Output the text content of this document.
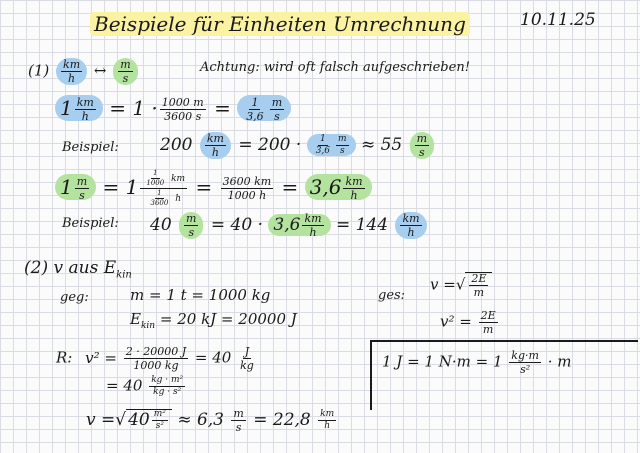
Beispiele für Einheiten Umrechnung	10.11.25
$(1) \frac{km}{h}$ ↔ $\frac{m}{s}$	Achtung: wird oft falsch aufgeschrieben!
$1 \frac{km}{h} = 1 \cdot \frac{1000 m}{3600 s} = \frac{1}{3,6} \frac{m}{s}$
Beispiel: $200 \frac{km}{h} = 200 \cdot \frac{1}{3,6} \frac{m}{s} \approx 55 \frac{m}{s}$
$1 \frac{m}{s} = 1 \frac{\frac{1}{1000} km}{\frac{1}{3600} h} = \frac{3600 km}{1000 h} = 3,6 \frac{km}{h}$
Beispiel: $40 \frac{m}{s} = 40 \cdot 3,6 \frac{km}{h} = 144 \frac{km}{h}$
(2) v aus $E_{kin}$
geg:	m = 1 t = 1000 kg
$E_{kin} = 20$ kJ = 20000 J
ges:
v =√ $\frac{2E}{m}$
$v^2 = \frac{2E}{m}$
1 J = 1 $N\cdot m = 1 \frac{kg\cdot m}{\text{s²}} \cdot m$
R: $v^2 = \frac{2 \cdot 20000 J}{1000 kg} = 40 \frac{J}{kg}$
= $40 \frac{\text{kg · m²}}{\text{kg · s²}}$
v =√ $40 \frac{\text{m²}}{\text{s²}} \approx 6,3 \frac{m}{s} = 22,8 \frac{km}{h}$
